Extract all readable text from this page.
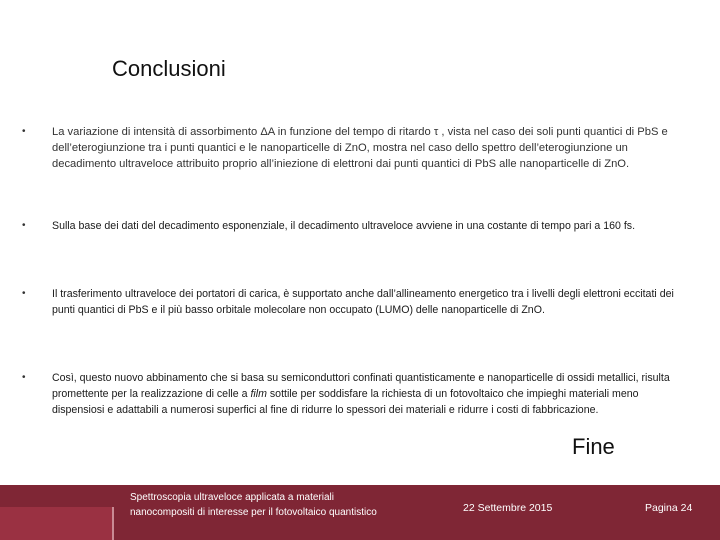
Conclusioni
•	La variazione di intensità di assorbimento ΔA in funzione del tempo di ritardo τ , vista nel caso dei soli punti quantici di PbS e dell’eterogiunzione tra i punti quantici e le nanoparticelle di ZnO, mostra nel caso dello spettro dell’eterogiunzione un decadimento ultraveloce attribuito proprio all’iniezione di elettroni dai punti quantici di PbS alle nanoparticelle di ZnO.
•	Sulla base dei dati del decadimento esponenziale, il decadimento ultraveloce avviene in una costante di tempo pari a 160 fs.
•	Il trasferimento ultraveloce dei portatori di carica, è supportato anche dall’allineamento energetico tra i livelli degli elettroni eccitati dei punti quantici di PbS e il più basso orbitale molecolare non occupato (LUMO) delle nanoparticelle di ZnO.
•	Così, questo nuovo abbinamento che si basa su semiconduttori confinati quantisticamente e nanoparticelle di ossidi metallici, risulta promettente per la realizzazione di celle a film sottile per soddisfare la richiesta di un fotovoltaico che impieghi materiali meno dispensiosi e adattabili a numerosi superfici al fine di ridurre lo spessori dei materiali e ridurre i costi di fabbricazione.
Fine
Spettroscopia ultraveloce applicata a materiali nanocompositi di interesse per il fotovoltaico quantistico	22 Settembre 2015	Pagina 24
